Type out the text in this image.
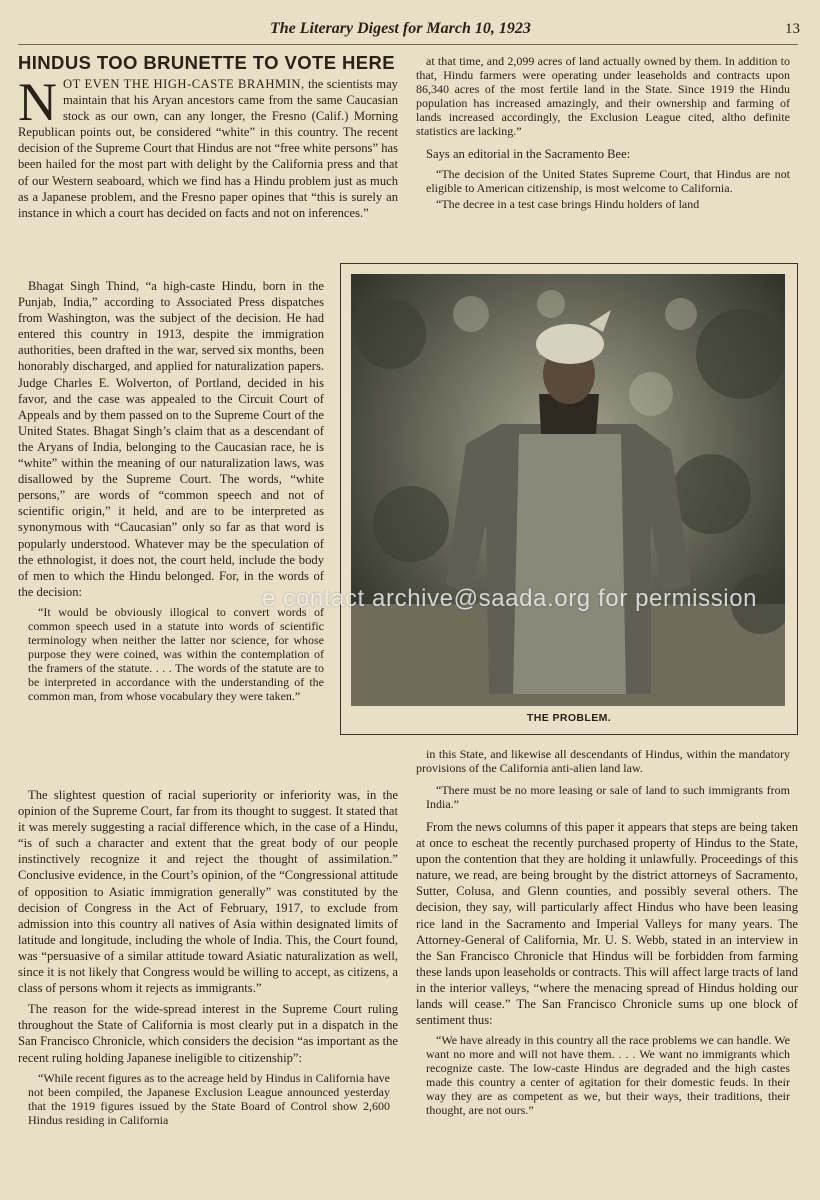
The Literary Digest for March 10, 1923	13
HINDUS TOO BRUNETTE TO VOTE HERE

NOT EVEN THE HIGH-CASTE BRAHMIN, the scientists may maintain that his Aryan ancestors came from the same Caucasian stock as our own, can any longer, the Fresno (Calif.) Morning Republican points out, be considered “white” in this country. The recent decision of the Supreme Court that Hindus are not “free white persons” has been hailed for the most part with delight by the California press and that of our Western seaboard, which we find has a Hindu problem just as much as a Japanese problem, and the Fresno paper opines that “this is surely an instance in which a court has decided on facts and not on inferences.”

Bhagat Singh Thind, “a high-caste Hindu, born in the Punjab, India,” according to Associated Press dispatches from Washington, was the subject of the decision. He had entered this country in 1913, despite the immigration authorities, been drafted in the war, served six months, been honorably discharged, and applied for naturalization papers. Judge Charles E. Wolverton, of Portland, decided in his favor, and the case was appealed to the Circuit Court of Appeals and by them passed on to the Supreme Court of the United States. Bhagat Singh’s claim that as a descendant of the Aryans of India, belonging to the Caucasian race, he is “white” within the meaning of our naturalization laws, was disallowed by the Supreme Court. The words, “white persons,” are words of “common speech and not of scientific origin,” it held, and are to be interpreted as synonymous with “Caucasian” only so far as that word is popularly understood. Whatever may be the speculation of the ethnologist, it does not, the court held, include the body of men to which the Hindu belonged. For, in the words of the decision:

“It would be obviously illogical to convert words of common speech used in a statute into words of scientific terminology when neither the latter nor science, for whose purpose they were coined, was within the contemplation of the framers of the statute. . . . The words of the statute are to be interpreted in accordance with the understanding of the common man, from whose vocabulary they were taken.”

The slightest question of racial superiority or inferiority was, in the opinion of the Supreme Court, far from its thought to suggest. It stated that it was merely suggesting a racial difference which, in the case of a Hindu, “is of such a character and extent that the great body of our people instinctively recognize it and reject the thought of assimilation.” Conclusive evidence, in the Court’s opinion, of the “Congressional attitude of opposition to Asiatic immigration generally” was constituted by the decision of Congress in the Act of February, 1917, to exclude from admission into this country all natives of Asia within designated limits of latitude and longitude, including the whole of India. This, the Court found, was “persuasive of a similar attitude toward Asiatic naturalization as well, since it is not likely that Congress would be willing to accept, as citizens, a class of persons whom it rejects as immigrants.”

The reason for the wide-spread interest in the Supreme Court ruling throughout the State of California is most clearly put in a dispatch in the San Francisco Chronicle, which considers the decision “as important as the recent ruling holding Japanese ineligible to citizenship”:

“While recent figures as to the acreage held by Hindus in California have not been compiled, the Japanese Exclusion League announced yesterday that the 1919 figures issued by the State Board of Control show 2,600 Hindus residing in California

at that time, and 2,099 acres of land actually owned by them. In addition to that, Hindu farmers were operating under leaseholds and contracts upon 86,340 acres of the most fertile land in the State. Since 1919 the Hindu population has increased amazingly, and their ownership and farming of lands increased accordingly, the Exclusion League cited, altho definite statistics are lacking.”

Says an editorial in the Sacramento Bee:

“The decision of the United States Supreme Court, that Hindus are not eligible to American citizenship, is most welcome to California.

“The decree in a test case brings Hindu holders of land

THE PROBLEM.

in this State, and likewise all descendants of Hindus, within the mandatory provisions of the California anti-alien land law.

“There must be no more leasing or sale of land to such immigrants from India.”

From the news columns of this paper it appears that steps are being taken at once to escheat the recently purchased property of Hindus to the State, upon the contention that they are holding it unlawfully. Proceedings of this nature, we read, are being brought by the district attorneys of Sacramento, Sutter, Colusa, and Glenn counties, and possibly several others. The decision, they say, will particularly affect Hindus who have been leasing rice land in the Sacramento and Imperial Valleys for many years. The Attorney-General of California, Mr. U. S. Webb, stated in an interview in the San Francisco Chronicle that Hindus will be forbidden from farming these lands upon leaseholds or contracts. This will affect large tracts of land in the interior valleys, “where the menacing spread of Hindus holding our lands will cease.” The San Francisco Chronicle sums up one block of sentiment thus:

“We have already in this country all the race problems we can handle. We want no more and will not have them. . . . We want no immigrants which recognize caste. The low-caste Hindus are degraded and the high castes made this country a center of agitation for their domestic feuds. In their way they are as competent as we, but their ways, their traditions, their thought, are not ours.”

e contact archive@saada.org for permission
